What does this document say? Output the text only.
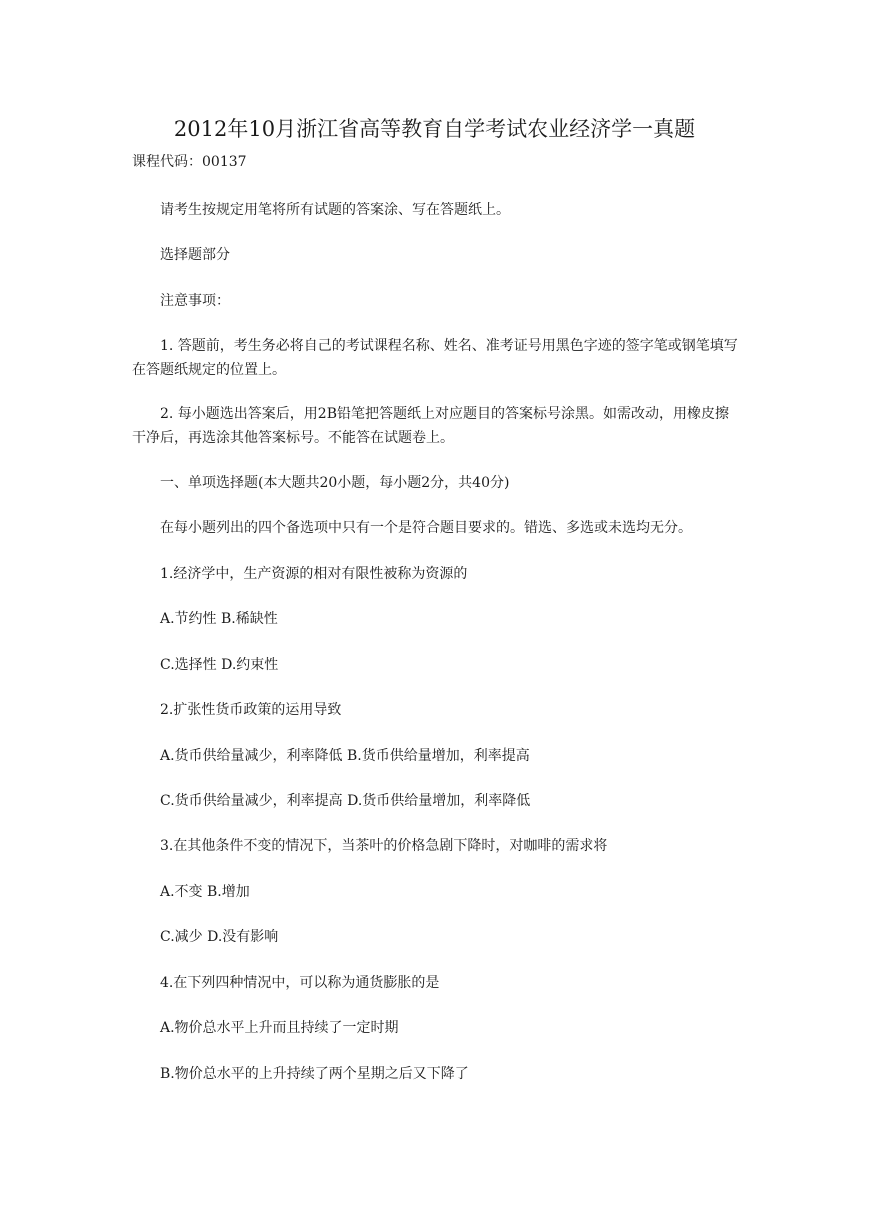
2012年10月浙江省高等教育自学考试农业经济学一真题
课程代码：00137

请考生按规定用笔将所有试题的答案涂、写在答题纸上。

选择题部分

注意事项：

1. 答题前，考生务必将自己的考试课程名称、姓名、准考证号用黑色字迹的签字笔或钢笔填写在答题纸规定的位置上。

2. 每小题选出答案后，用2B铅笔把答题纸上对应题目的答案标号涂黑。如需改动，用橡皮擦干净后，再选涂其他答案标号。不能答在试题卷上。

一、单项选择题(本大题共20小题，每小题2分，共40分)

在每小题列出的四个备选项中只有一个是符合题目要求的。错选、多选或未选均无分。

1.经济学中，生产资源的相对有限性被称为资源的

A.节约性 B.稀缺性

C.选择性 D.约束性

2.扩张性货币政策的运用导致

A.货币供给量减少，利率降低 B.货币供给量增加，利率提高

C.货币供给量减少，利率提高 D.货币供给量增加，利率降低

3.在其他条件不变的情况下，当茶叶的价格急剧下降时，对咖啡的需求将

A.不变 B.增加

C.减少 D.没有影响

4.在下列四种情况中，可以称为通货膨胀的是

A.物价总水平上升而且持续了一定时期

B.物价总水平的上升持续了两个星期之后又下降了
